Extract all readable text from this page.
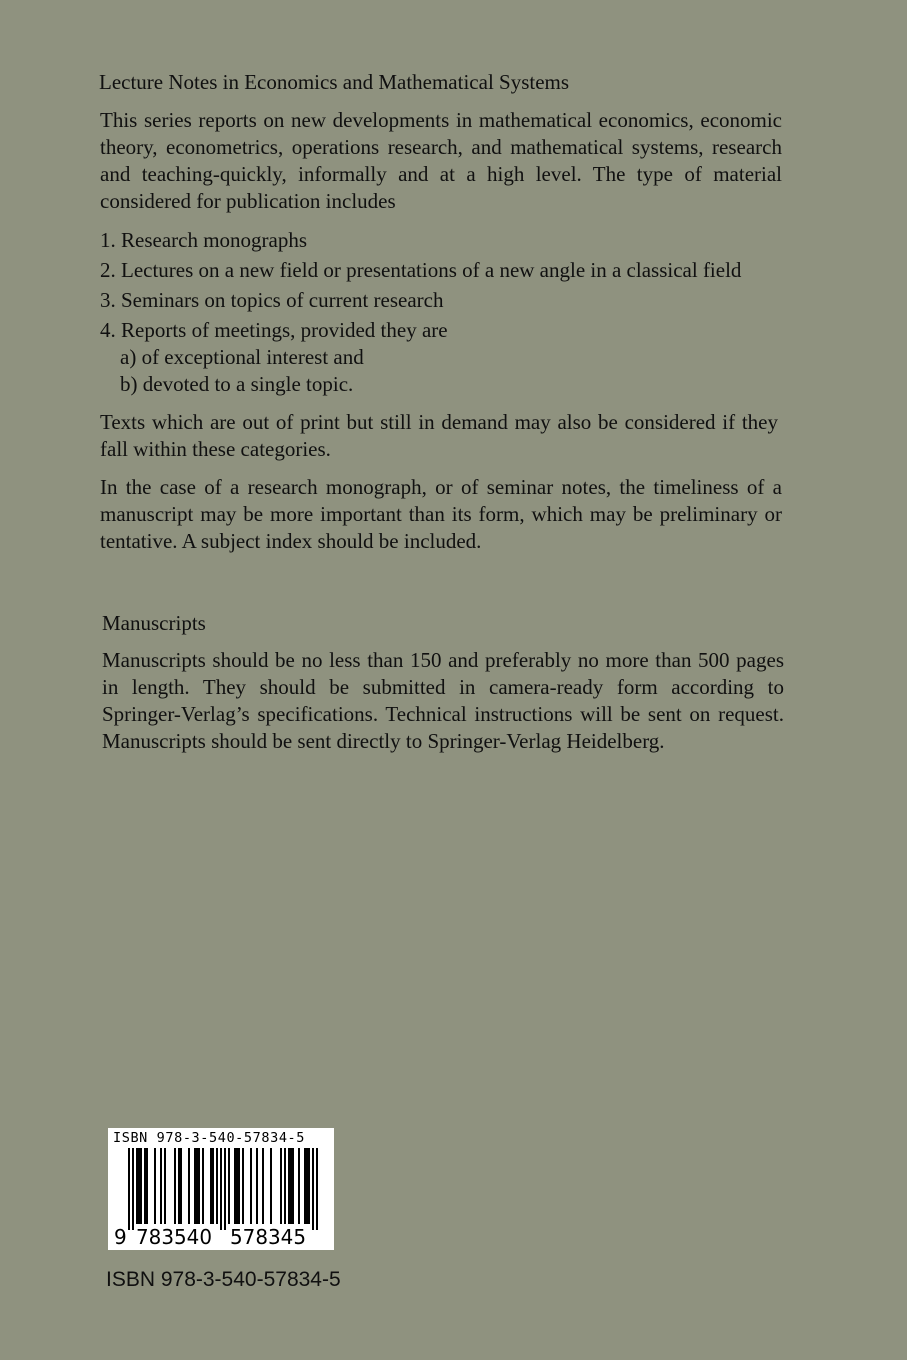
Lecture Notes in Economics and Mathematical Systems

This series reports on new developments in mathematical economics, economic theory, econometrics, operations research, and mathematical systems, research and teaching-quickly, informally and at a high level. The type of material considered for publication includes

1. Research monographs
2. Lectures on a new field or presentations of a new angle in a classical field
3. Seminars on topics of current research
4. Reports of meetings, provided they are
a) of exceptional interest and
b) devoted to a single topic.

Texts which are out of print but still in demand may also be considered if they fall within these categories.

In the case of a research monograph, or of seminar notes, the timeliness of a manuscript may be more important than its form, which may be preliminary or tentative. A subject index should be included.

Manuscripts

Manuscripts should be no less than 150 and preferably no more than 500 pages in length. They should be submitted in camera-ready form according to Springer-Verlag’s specifications. Technical instructions will be sent on request. Manuscripts should be sent directly to Springer-Verlag Heidelberg.

ISBN 978-3-540-57834-5
9 783540 578345
ISBN 978-3-540-57834-5
